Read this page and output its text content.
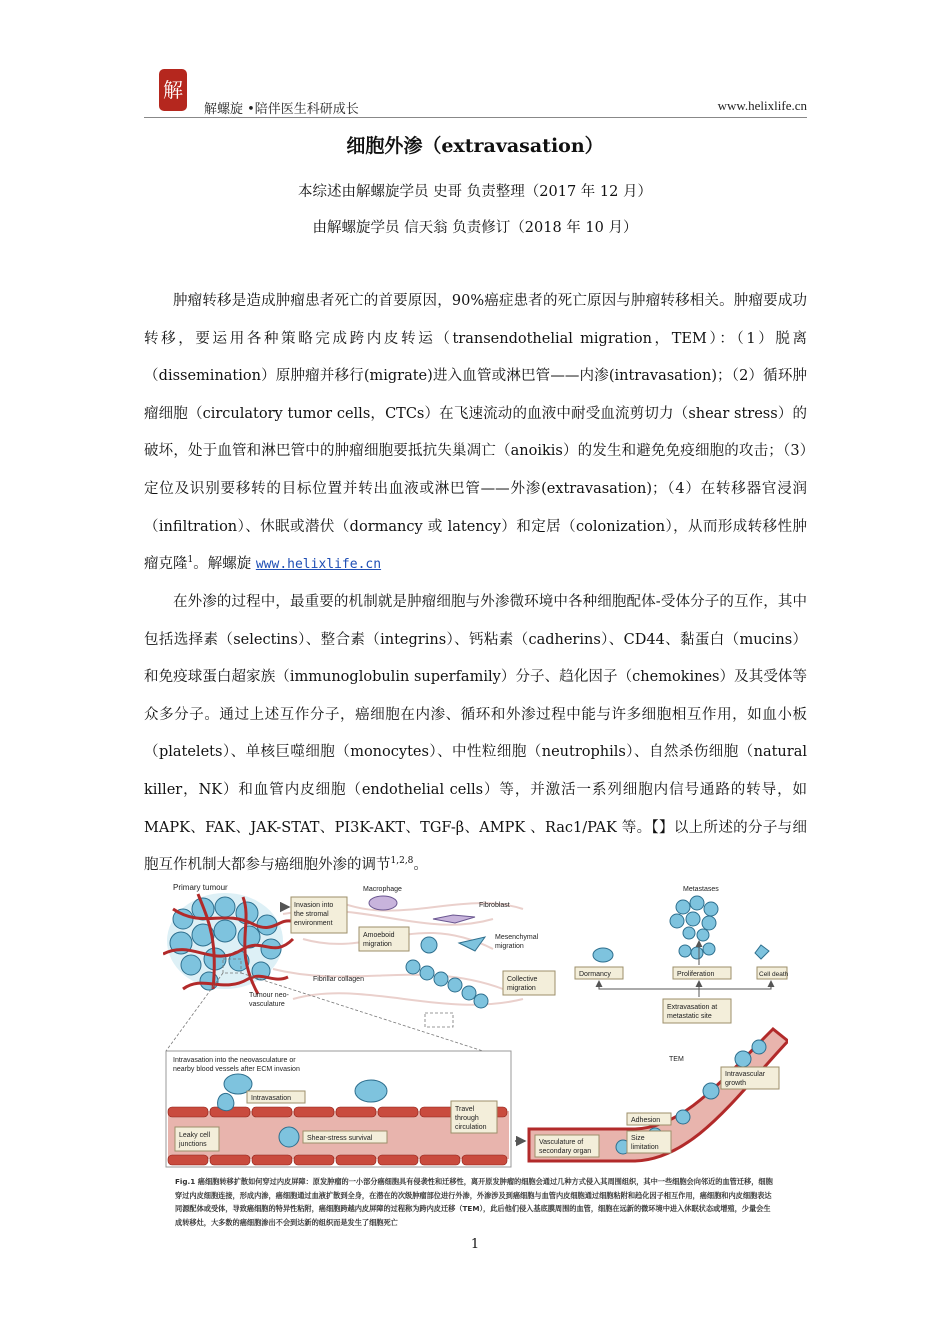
解
解螺旋 •陪伴医生科研成长	www.helixlife.cn
细胞外渗（extravasation）
本综述由解螺旋学员 史哥 负责整理（2017 年 12 月）
由解螺旋学员 信天翁 负责修订（2018 年 10 月）

肿瘤转移是造成肿瘤患者死亡的首要原因，90%癌症患者的死亡原因与肿瘤转移相关。肿瘤要成功转移，要运用各种策略完成跨内皮转运（transendothelial migration，TEM）：（1）脱离（dissemination）原肿瘤并移行(migrate)进入血管或淋巴管——内渗(intravasation)；（2）循环肿瘤细胞（circulatory tumor cells，CTCs）在飞速流动的血液中耐受血流剪切力（shear stress）的破坏，处于血管和淋巴管中的肿瘤细胞要抵抗失巢凋亡（anoikis）的发生和避免免疫细胞的攻击；（3）定位及识别要移转的目标位置并转出血液或淋巴管——外渗(extravasation)；（4）在转移器官浸润（infiltration）、休眠或潜伏（dormancy 或 latency）和定居（colonization），从而形成转移性肿瘤克隆$^1$。解螺旋 www.helixlife.cn

在外渗的过程中，最重要的机制就是肿瘤细胞与外渗微环境中各种细胞配体-受体分子的互作，其中包括选择素（selectins）、整合素（integrins）、钙粘素（cadherins）、CD44、黏蛋白（mucins）和免疫球蛋白超家族（immunoglobulin superfamily）分子、趋化因子（chemokines）及其受体等众多分子。通过上述互作分子，癌细胞在内渗、循环和外渗过程中能与许多细胞相互作用，如血小板（platelets）、单核巨噬细胞（monocytes）、中性粒细胞（neutrophils）、自然杀伤细胞（natural killer，NK）和血管内皮细胞（endothelial cells）等，并激活一系列细胞内信号通路的转导，如 MAPK、FAK、JAK-STAT、PI3K-AKT、TGF-β、AMPK 、Rac1/PAK 等。【】以上所述的分子与细胞互作机制大都参与癌细胞外渗的调节$^{1,2,8}$。

Primary tumour
Tumour neo-
vasculature
Invasion into
the stromal
environment
Macrophage
Fibroblast
Amoeboid
migration
Mesenchymal
migration
Fibrillar collagen	Collective
migration
Intravasation into the neovasculature or
nearby blood vessels after ECM invasion
Intravasation
Leaky cell
junctions
Shear-stress survival
Travel
through
circulation
Vasculature of
secondary organ
Adhesion
Size
limitation
Intravascular
growth
TEM
Metastases
Dormancy	Proliferation	Cell death
Extravasation at
metastatic site
Fig.1 癌细胞转移扩散如何穿过内皮屏障：原发肿瘤的一小部分癌细胞具有侵袭性和迁移性，离开原发肿瘤的细胞会通过几种方式侵入其周围组织，其中一些细胞会向邻近的血管迁移，细胞穿过内皮细胞连接，形成内渗，癌细胞通过血液扩散到全身，在潜在的次级肿瘤部位进行外渗，外渗涉及到癌细胞与血管内皮细胞通过细胞粘附和趋化因子相互作用，癌细胞和内皮细胞表达同源配体或受体，导致癌细胞的特异性粘附，癌细胞跨越内皮屏障的过程称为跨内皮迁移（TEM），此后他们侵入基底膜周围的血管，细胞在远新的微环境中进入休眠状态或增殖，少量会生成转移灶，大多数的癌细胞渗出不会到达新的组织而是发生了细胞死亡
1
